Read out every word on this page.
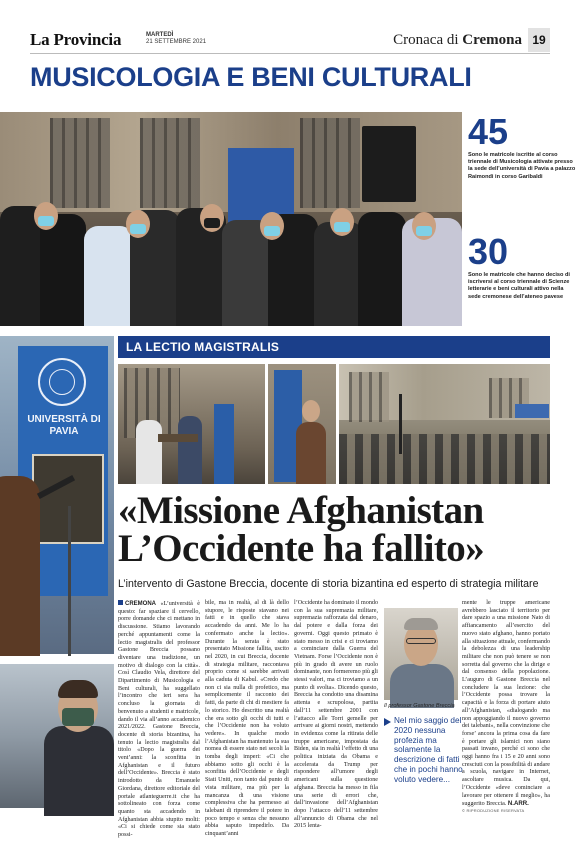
La Provincia	MARTEDÌ
21 SETTEMBRE 2021	Cronaca di Cremona 19
MUSICOLOGIA E BENI CULTURALI
45
Sono le matricole iscritte al corso triennale di Musicologia attivate presso la sede dell’università di Pavia a palazzo Raimondi in corso Garibaldi
30
Sono le matricole che hanno deciso di iscriversi al corso triennale di Scienze letterarie e beni culturali attivo nella sede cremonese dell’ateneo pavese
UNIVERSITÀ DI PAVIA
LA LECTIO MAGISTRALIS
«Missione Afghanistan
L’Occidente ha fallito»
L’intervento di Gastone Breccia, docente di storia bizantina ed esperto di strategia militare

CREMONA «L’università è questo: far spaziare il cervello, porre domande che ci mettano in discussione. Stiamo lavorando perché appuntamenti come la lectio magistralis del professor Gastone Breccia possano diventare una tradizione, un motivo di dialogo con la città». Così Claudio Vela, direttore del Dipartimento di Musicologia e Beni culturali, ha suggellato l’incontro che ieri sera ha concluso la giornata di benvenuto a studenti e matricole, dando il via all’anno accademico 2021/2022. Gastone Breccia, docente di storia bizantina, ha tenuto la lectio magistralis dal titolo «Dopo la guerra dei vent’anni: la sconfitta in Afghanistan e il futuro dell’Occidente». Breccia è stato introdotto da Emanuele Giordana, direttore editoriale del portale atlanteguerre.it che ha sottolineato con forza come quanto sta accadendo in Afghanistan abbia stupito molti: «Ci si chiede come sia stato possi-

bile, ma in realtà, al di là dello stupore, le risposte stavano nei fatti e in quello che stava accadendo da anni. Me lo ha confermato anche la lectio». Durante la serata è stato presentato Missione fallita, uscito nel 2020, in cui Breccia, docente di strategia militare, raccontava proprio come si sarebbe arrivati alla caduta di Kabul. «Credo che non ci sia nulla di profetico, ma semplicemente il racconto dei fatti, da parte di chi di mestiere fa lo storico. Ho descritto una realtà che era sotto gli occhi di tutti e che l’Occidente non ha voluto vedere». In qualche modo l’Afghanistan ha mantenuto la sua nomea di essere stato nei secoli la tomba degli imperi: «Ci che abbiamo sotto gli occhi è la sconfitta dell’Occidente e degli Stati Uniti, non tanto dal punto di vista militare, ma più per la mancanza di una visione complessiva che ha permesso ai talebani di riprendere il potere in poco tempo e senza che nessuno abbia saputo impedirlo. Da cinquant’anni

l’Occidente ha dominato il mondo con la sua supremazia militare, supremazia rafforzata dal denaro, dal potere e dalla forza dei governi. Oggi questo primato è stato messo in crisi e ci troviamo a cominciare dalla Guerra del Vietnam. Forse l’Occidente non è più in grado di avere un ruolo dominante, non formeremo più gli stessi valori, ma ci troviamo a un punto di svolta». Dicendo questo, Breccia ha condotto una disamina attenta e scrupolosa, partita dall’11 settembre 2001 con l’attacco alle Torri gemelle per arrivare ai giorni nostri, mettendo in evidenza come la ritirata delle truppe americane, impostata da Biden, sia in realtà l’effetto di una politica iniziata da Obama e accelerata da Trump per rispondere all’umore degli americani sulla questione afghana. Breccia ha messo in fila una serie di errori che, dall’invasione dell’Afghanistan dopo l’attacco dell’11 settembre all’annuncio di Obama che nel 2015 lenta-

mente le truppe americane avrebbero lasciato il territorio per dare spazio a una missione Nato di affiancamento all’esercito del nuovo stato afghano, hanno portato alla situazione attuale, confermando la debolezza di una leadership militare che non può tenere se non sorretta dal governo che la dirige e dal consenso della popolazione. L’auguro di Gastone Breccia nel concludere la sua lezione: che l’Occidente possa trovare la capacità e la forza di portare aiuto all’Afghanistan, «dialogando ma non appoggiando il nuovo governo dei talebani», nella convinzione che forse’ ancora la prima cosa da fare è portare gli islamici non siano passati invano, perché ci sono che oggi hanno fra i 15 e 20 anni sono cresciuti con la possibilità di andare a scuola, navigare in Internet, ascoltare musica. Da qui, l’Occidente «deve cominciare a lavorare per ottenere il meglio», ha suggerito Breccia. N.ARR.

Il professor Gastone Breccia
Nel mio saggio del 2020 nessuna profezia ma solamente la descrizione di fatti che in pochi hanno voluto vedere...
© RIPRODUZIONE RISERVATA
